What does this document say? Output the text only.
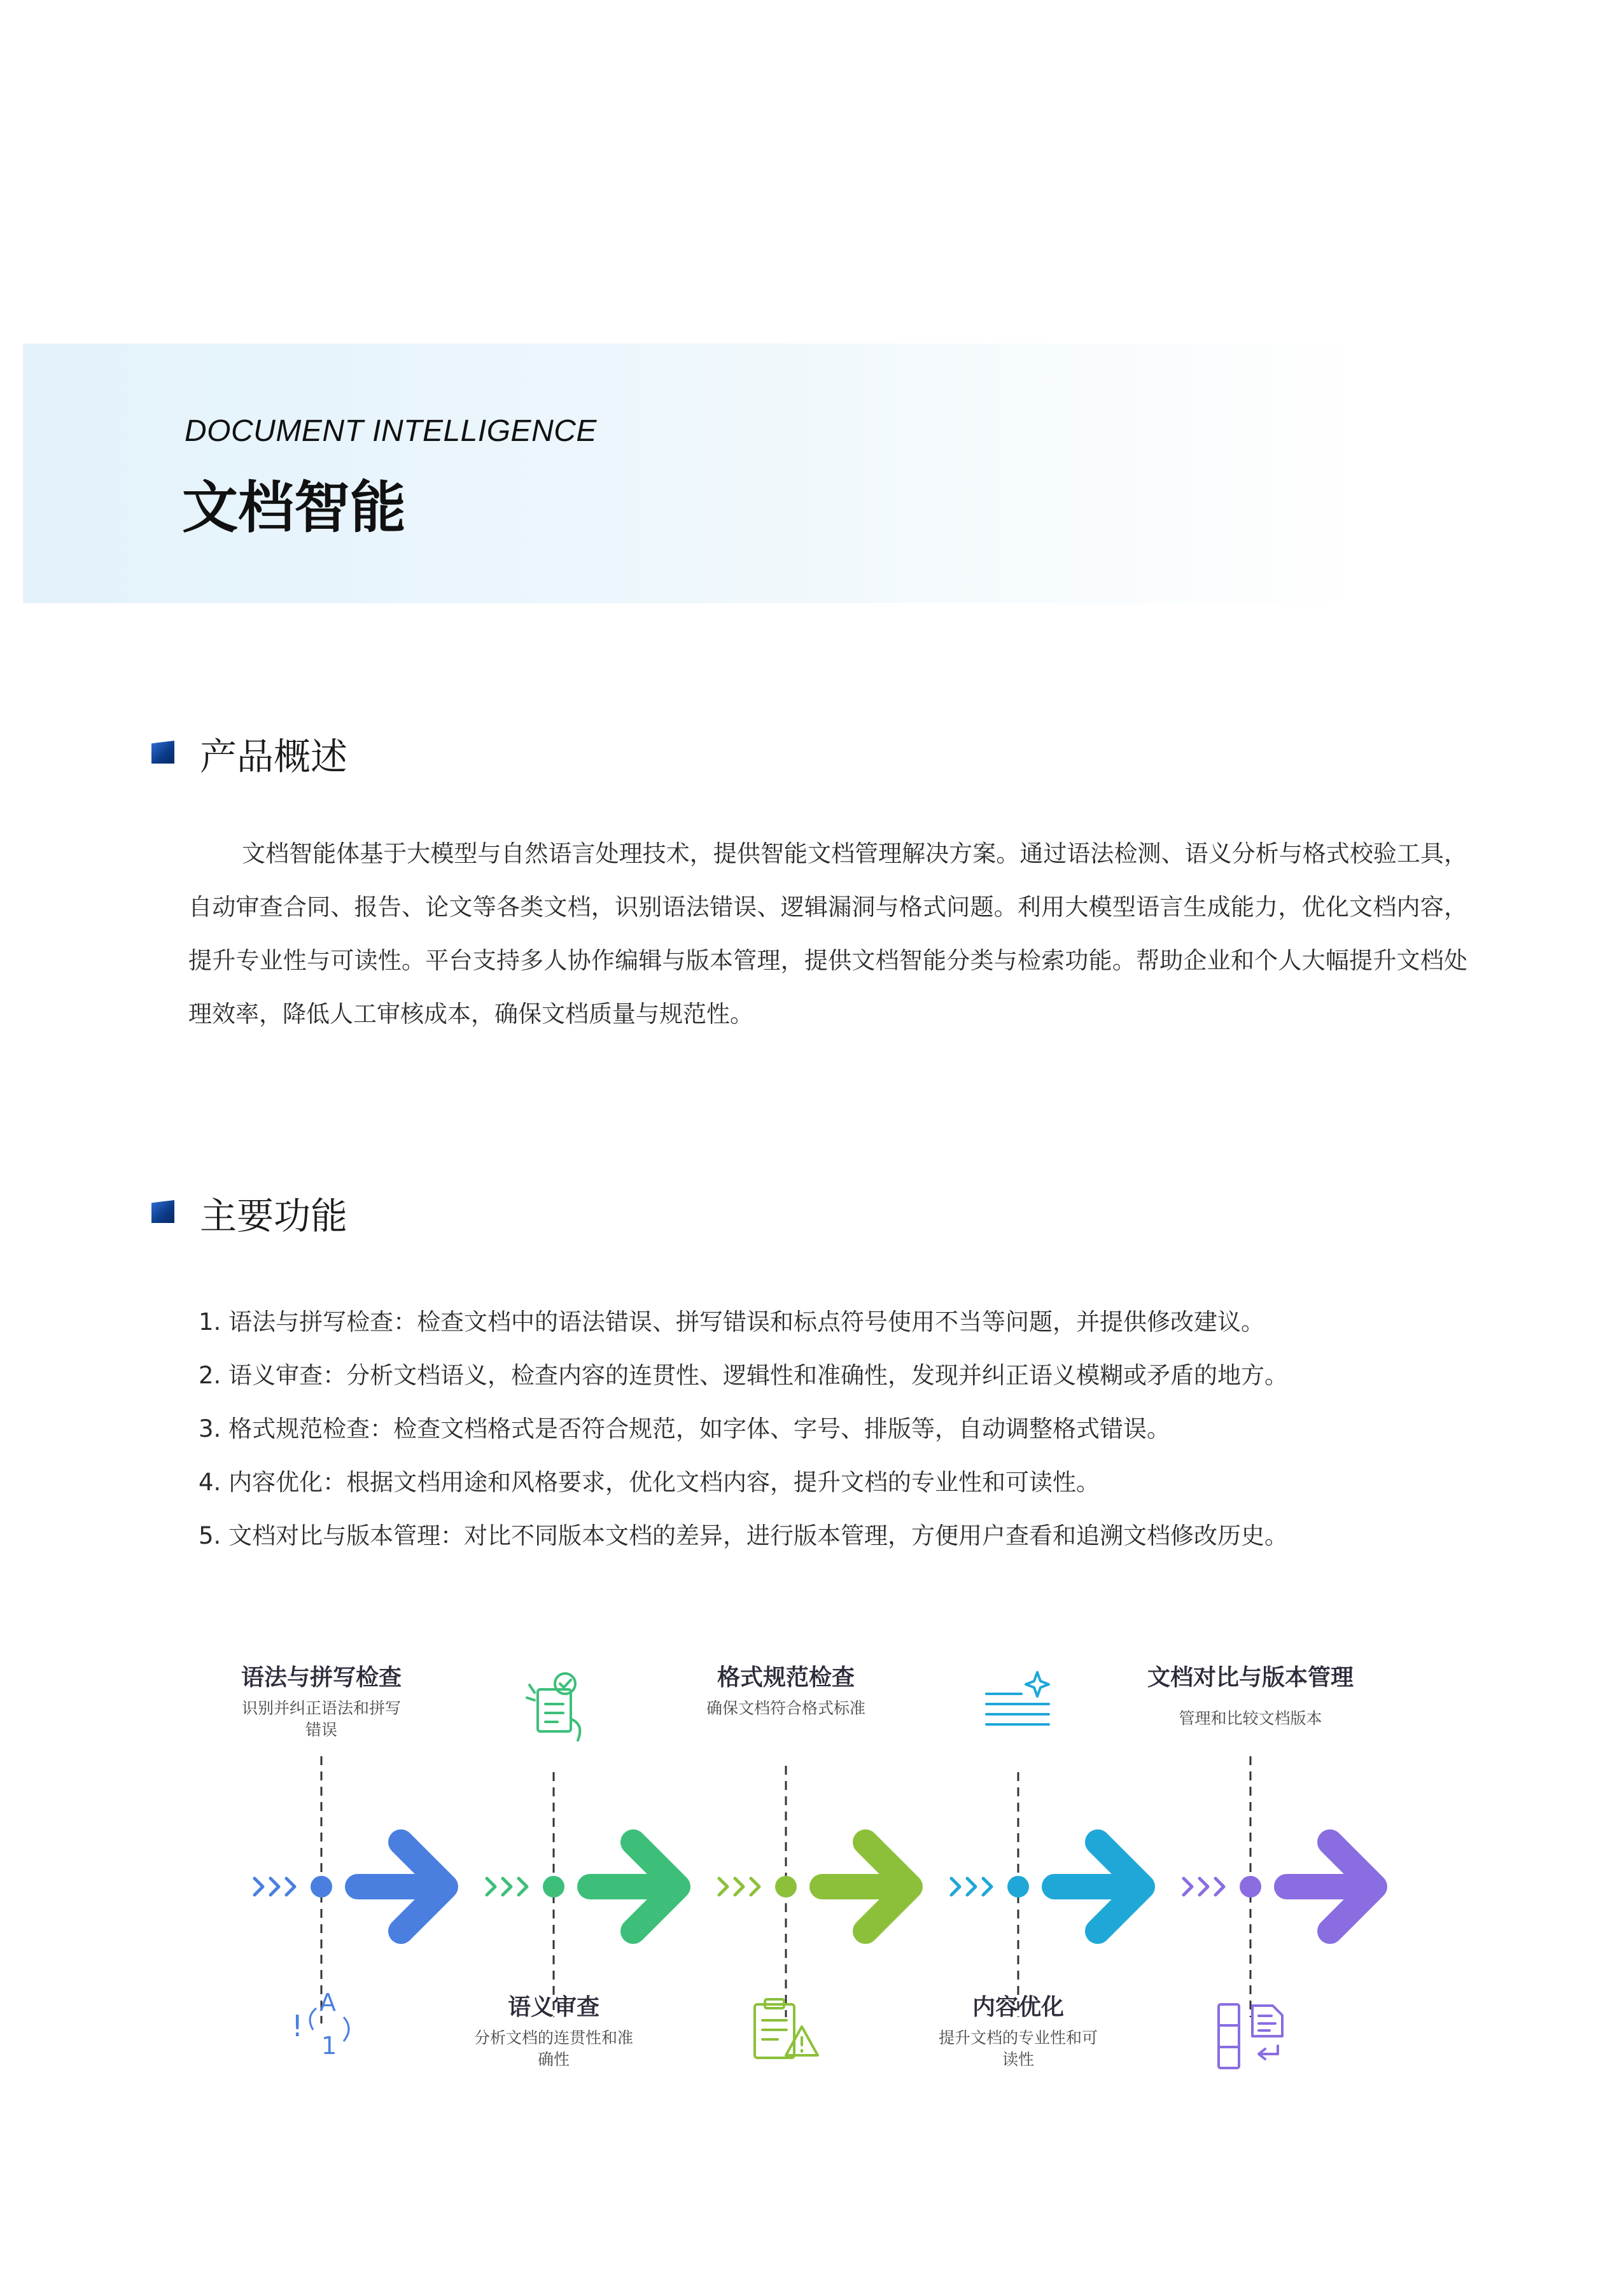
DOCUMENT INTELLIGENCE
文档智能
产品概述
文档智能体基于大模型与自然语言处理技术，提供智能文档管理解决方案。通过语法检测、语义分析与格式校验工具，自动审查合同、报告、论文等各类文档，识别语法错误、逻辑漏洞与格式问题。利用大模型语言生成能力，优化文档内容，提升专业性与可读性。平台支持多人协作编辑与版本管理，提供文档智能分类与检索功能。帮助企业和个人大幅提升文档处理效率，降低人工审核成本，确保文档质量与规范性。
主要功能
1. 语法与拼写检查：检查文档中的语法错误、拼写错误和标点符号使用不当等问题，并提供修改建议。
2. 语义审查：分析文档语义，检查内容的连贯性、逻辑性和准确性，发现并纠正语义模糊或矛盾的地方。
3. 格式规范检查：检查文档格式是否符合规范，如字体、字号、排版等，自动调整格式错误。
4. 内容优化：根据文档用途和风格要求，优化文档内容，提升文档的专业性和可读性。
5. 文档对比与版本管理：对比不同版本文档的差异，进行版本管理，方便用户查看和追溯文档修改历史。
!
A
1
语法与拼写检查
识别并纠正语法和拼写错误
语义审查
分析文档的连贯性和准确性
格式规范检查
确保文档符合格式标准
内容优化
提升文档的专业性和可读性
文档对比与版本管理
管理和比较文档版本
